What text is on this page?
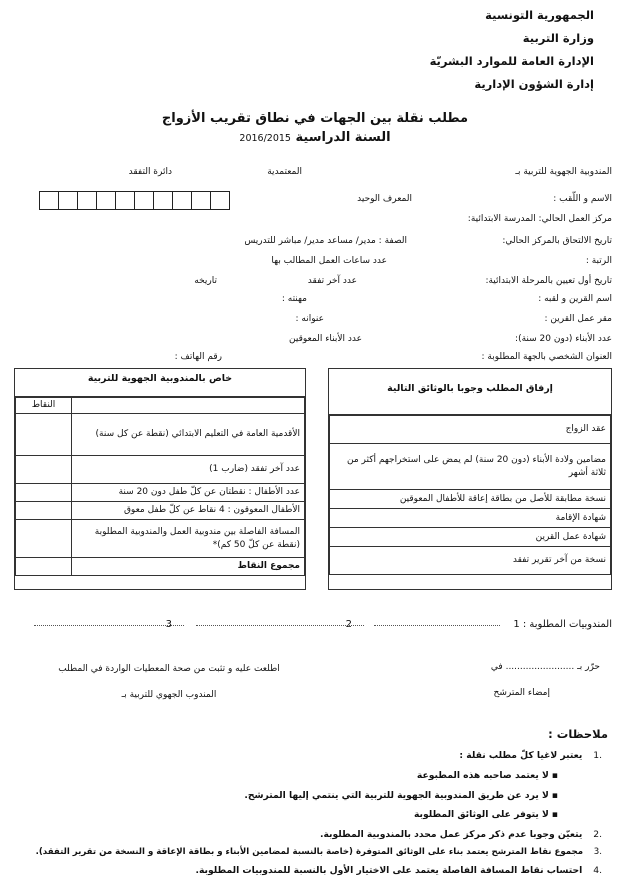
الجمهورية التونسية
وزارة التربية
الإدارة العامة للموارد البشريّة
إدارة الشؤون الإدارية
مطلب نقلة بين الجهات في نطاق تقريب الأزواج
السنة الدراسية 2016/2015
المندوبية الجهوية للتربية بـ
المعتمدية
دائرة التفقد
الاسم و اللّقب :
المعرف الوحيد
مركز العمل الحالي: المدرسة الابتدائية:
تاريخ الالتحاق بالمركز الحالي:
الصفة : مدير/ مساعد مدير/ مباشر للتدريس
الرتبة :
عدد ساعات العمل المطالب بها
تاريخ أول تعيين بالمرحلة الابتدائية:
عدد آخر تفقد
تاريخه
اسم القرين و لقبه :
مهنته :
مقر عمل القرين :
عنوانه :
عدد الأبناء (دون 20 سنة):
عدد الأبناء المعوقين
العنوان الشخصي بالجهة المطلوبة :
رقم الهاتف :
إرفاق المطلب وجوبا بالوثائق التالية
عقد الزواج
مضامين ولادة الأبناء (دون 20 سنة) لم يمض على استخراجهم أكثر من ثلاثة أشهر
نسخة مطابقة للأصل من بطاقة إعاقة للأطفال المعوقين
شهادة الإقامة
شهادة عمل القرين
نسخة من آخر تقرير تفقد
خاص بالمندوبية الجهوية للتربية
	النقاط
الأقدمية العامة في التعليم الابتدائي (نقطة عن كل سنة)	
عدد آخر تفقد (ضارب 1)	
عدد الأطفال : نقطتان عن كلّ طفل دون 20 سنة	
الأطفال المعوقون : 4 نقاط عن كلّ طفل معوق	
المسافة الفاصلة بين مندوبية العمل والمندوبية المطلوبة (نقطة عن كلّ 50 كم)*	
مجموع النقاط	
المندوبيات المطلوبة : 1
2
3
حرّر بـ ........................ في
إمضاء المترشح
اطلعت عليه و تثبت من صحة المعطيات الواردة في المطلب
المندوب الجهوي للتربية بـ
ملاحظات :
.1 يعتبر لاغيا كلّ مطلب نقلة :
▪ لا يعتمد صاحبه هذه المطبوعة
▪ لا يرد عن طريق المندوبية الجهوية للتربية التي ينتمي إليها المترشح.
▪ لا يتوفر على الوثائق المطلوبة
.2 يتعيّن وجوبا عدم ذكر مركز عمل محدد بالمندوبية المطلوبة.
.3 مجموع نقاط المترشح يعتمد بناء على الوثائق المتوفرة (خاصة بالنسبة لمضامين الأبناء و بطاقة الإعاقة و النسخة من تقرير التفقد).
.4 احتساب نقاط المسافة الفاصلة يعتمد على الاختيار الأول بالنسبة للمندوبيات المطلوبة.
